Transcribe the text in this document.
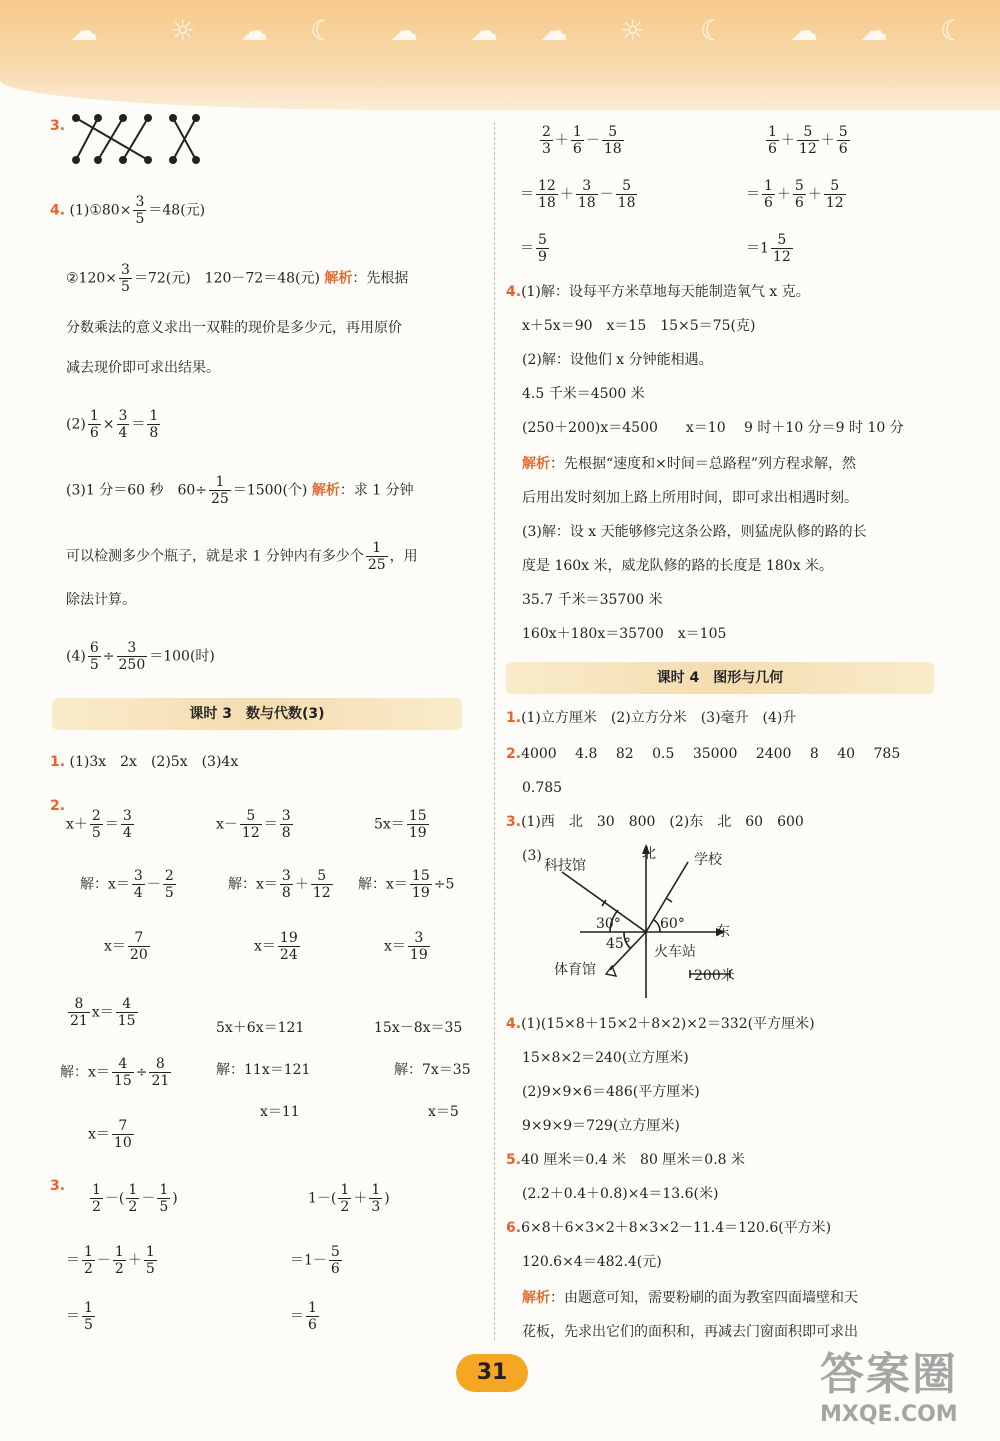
☁	☼ ☁ ☾ ☁ ☁ ☁ ☼ ☾ ☁ ☁ ☾
3.
4. (1)①80× $\frac{3}{5} =48$(元)
②120× $\frac{3}{5} =72$(元)　120－72＝48(元) 解析：先根据
分数乘法的意义求出一双鞋的现价是多少元，再用原价
减去现价即可求出结果。
$(2) \frac{1}{6} \times \frac{3}{4} = \frac{1}{8}$
(3)1 分＝60 秒　$60\div \frac{1}{25} =1500$(个) 解析：求 1 分钟
可以检测多少个瓶子，就是求 1 分钟内有多少个 $\frac{1}{25}$ ，用
除法计算。
$(4) \frac{6}{5} \div \frac{3}{250} =100$(时)
课时 3　数与代数(3)
1. (1)3x　2x　(2)5x　(3)4x
2.
$x+ \frac{2}{5} = \frac{3}{4}$
解：$x= \frac{3}{4} - \frac{2}{5}$
$x= \frac{7}{20}$
$x- \frac{5}{12} = \frac{3}{8}$
解：$x= \frac{3}{8} + \frac{5}{12}$
$x= \frac{19}{24}$
$5x= \frac{15}{19}$
解：$x= \frac{15}{19} \div 5$
$x= \frac{3}{19}$
$\frac{8}{21} x= \frac{4}{15}$
解：$x= \frac{4}{15} \div \frac{8}{21}$
$x= \frac{7}{10}$
5x＋6x＝121
解：11x＝121
x＝11
15x－8x＝35
解：7x＝35
x＝5
3. $\frac{1}{2}$ －( $\frac{1}{2} - \frac{1}{5}$ )
＝ $\frac{1}{2} - \frac{1}{2} + \frac{1}{5}$
＝ $\frac{1}{5}$
$1-( \frac{1}{2} + \frac{1}{3}$ )
$=1- \frac{5}{6}$
＝ $\frac{1}{6}$
$\frac{2}{3} + \frac{1}{6} - \frac{5}{18}$
＝ $\frac{12}{18} + \frac{3}{18} - \frac{5}{18}$
＝ $\frac{5}{9}$
$\frac{1}{6} + \frac{5}{12} + \frac{5}{6}$
＝ $\frac{1}{6} + \frac{5}{6} + \frac{5}{12}$
$=1 \frac{5}{12}$
4.(1)解：设每平方米草地每天能制造氧气 x 克。
x＋5x＝90　x＝15　15×5＝75(克)
(2)解：设他们 x 分钟能相遇。
4.5 千米＝4500 米
(250＋200)x＝4500　　x＝10　 9 时＋10 分＝9 时 10 分
解析：先根据“速度和×时间＝总路程”列方程求解，然
后用出发时刻加上路上所用时间，即可求出相遇时刻。
(3)解：设 x 天能够修完这条公路，则猛虎队修的路的长
度是 160x 米，威龙队修的路的长度是 180x 米。
35.7 千米＝35700 米
160x＋180x＝35700　x＝105
课时 4　图形与几何
1.(1)立方厘米　(2)立方分米　(3)毫升　(4)升
2.4000　 4.8　 82　 0.5　 35000　 2400　 8　 40　 785
0.785
3.(1)西　北　30　800　(2)东　北　60　600
(3)	北	学校
科技馆
30°	60° 东
45° 火车站
体育馆	200米
4.(1)(15×8＋15×2＋8×2)×2＝332(平方厘米)
15×8×2＝240(立方厘米)
(2)9×9×6＝486(平方厘米)
9×9×9＝729(立方厘米)
5.40 厘米＝0.4 米　80 厘米＝0.8 米
(2.2＋0.4＋0.8)×4＝13.6(米)
6.6×8＋6×3×2＋8×3×2－11.4＝120.6(平方米)
120.6×4＝482.4(元)
解析：由题意可知，需要粉刷的面为教室四面墙壁和天
花板，先求出它们的面积和，再减去门窗面积即可求出
31	答案圈
MXQE.COM
